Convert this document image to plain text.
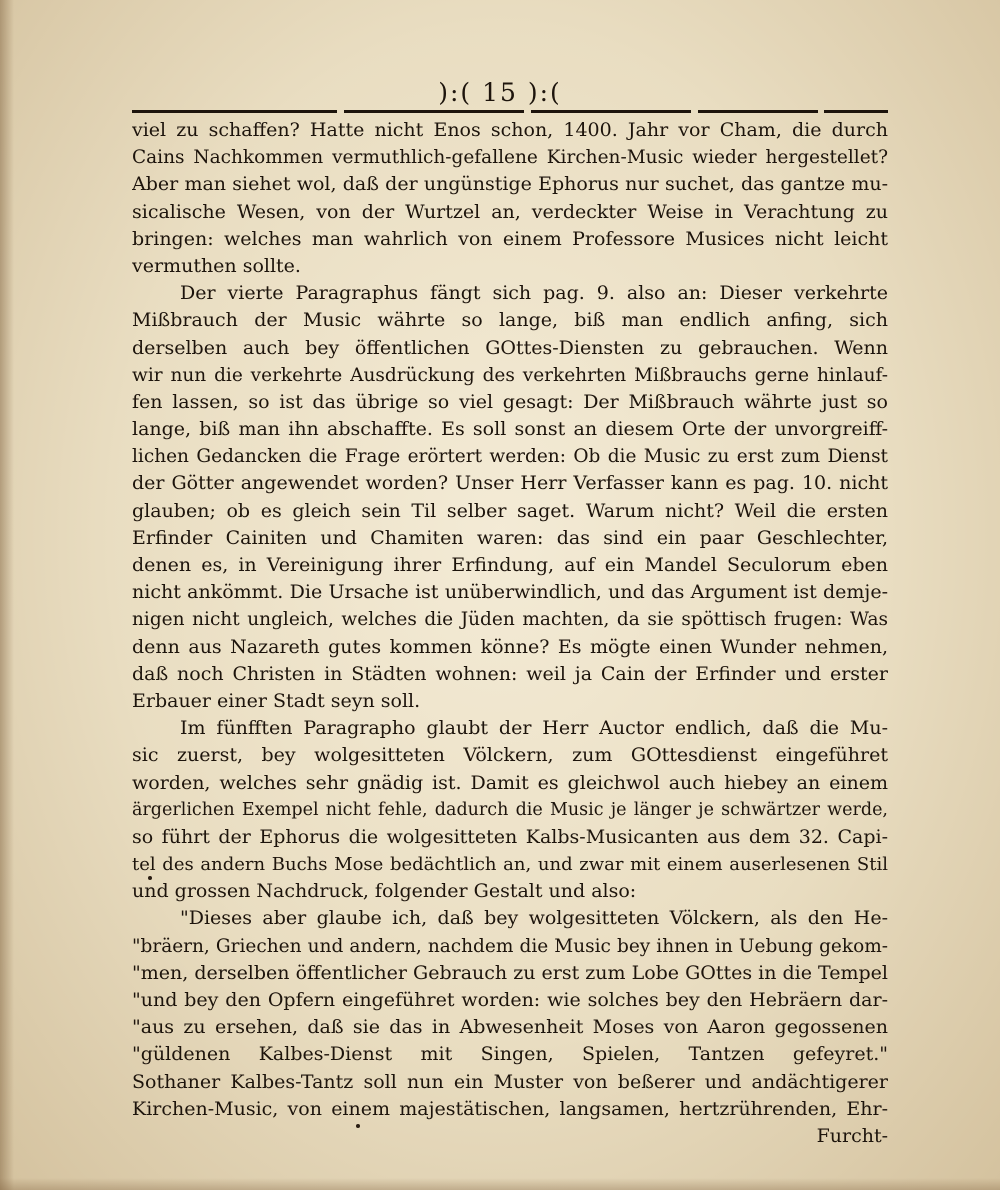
):( 15 ):(
viel zu schaffen? Hatte nicht Enos schon, 1400. Jahr vor Cham, die durch
Cains Nachkommen vermuthlich-gefallene Kirchen-Music wieder hergestellet?
Aber man siehet wol, daß der ungünstige Ephorus nur suchet, das gantze mu-
sicalische Wesen, von der Wurtzel an, verdeckter Weise in Verachtung zu
bringen: welches man wahrlich von einem Professore Musices nicht leicht
vermuthen sollte.
Der vierte Paragraphus fängt sich pag. 9. also an: Dieser verkehrte
Mißbrauch der Music währte so lange, biß man endlich anfing, sich
derselben auch bey öffentlichen GOttes-Diensten zu gebrauchen. Wenn
wir nun die verkehrte Ausdrückung des verkehrten Mißbrauchs gerne hinlauf-
fen lassen, so ist das übrige so viel gesagt: Der Mißbrauch währte just so
lange, biß man ihn abschaffte. Es soll sonst an diesem Orte der unvorgreiff-
lichen Gedancken die Frage erörtert werden: Ob die Music zu erst zum Dienst
der Götter angewendet worden? Unser Herr Verfasser kann es pag. 10. nicht
glauben; ob es gleich sein Til selber saget. Warum nicht? Weil die ersten
Erfinder Cainiten und Chamiten waren: das sind ein paar Geschlechter,
denen es, in Vereinigung ihrer Erfindung, auf ein Mandel Seculorum eben
nicht ankömmt. Die Ursache ist unüberwindlich, und das Argument ist demje-
nigen nicht ungleich, welches die Jüden machten, da sie spöttisch frugen: Was
denn aus Nazareth gutes kommen könne? Es mögte einen Wunder nehmen,
daß noch Christen in Städten wohnen: weil ja Cain der Erfinder und erster
Erbauer einer Stadt seyn soll.
Im fünfften Paragrapho glaubt der Herr Auctor endlich, daß die Mu-
sic zuerst, bey wolgesitteten Völckern, zum GOttesdienst eingeführet
worden, welches sehr gnädig ist. Damit es gleichwol auch hiebey an einem
ärgerlichen Exempel nicht fehle, dadurch die Music je länger je schwärtzer werde,
so führt der Ephorus die wolgesitteten Kalbs-Musicanten aus dem 32. Capi-
tel des andern Buchs Mose bedächtlich an, und zwar mit einem auserlesenen Stil
und grossen Nachdruck, folgender Gestalt und also:
"Dieses aber glaube ich, daß bey wolgesitteten Völckern, als den He-
"bräern, Griechen und andern, nachdem die Music bey ihnen in Uebung gekom-
"men, derselben öffentlicher Gebrauch zu erst zum Lobe GOttes in die Tempel
"und bey den Opfern eingeführet worden: wie solches bey den Hebräern dar-
"aus zu ersehen, daß sie das in Abwesenheit Moses von Aaron gegossenen
"güldenen Kalbes-Dienst mit Singen, Spielen, Tantzen gefeyret."
Sothaner Kalbes-Tantz soll nun ein Muster von beßerer und andächtigerer
Kirchen-Music, von einem majestätischen, langsamen, hertzrührenden, Ehr-
Furcht-
